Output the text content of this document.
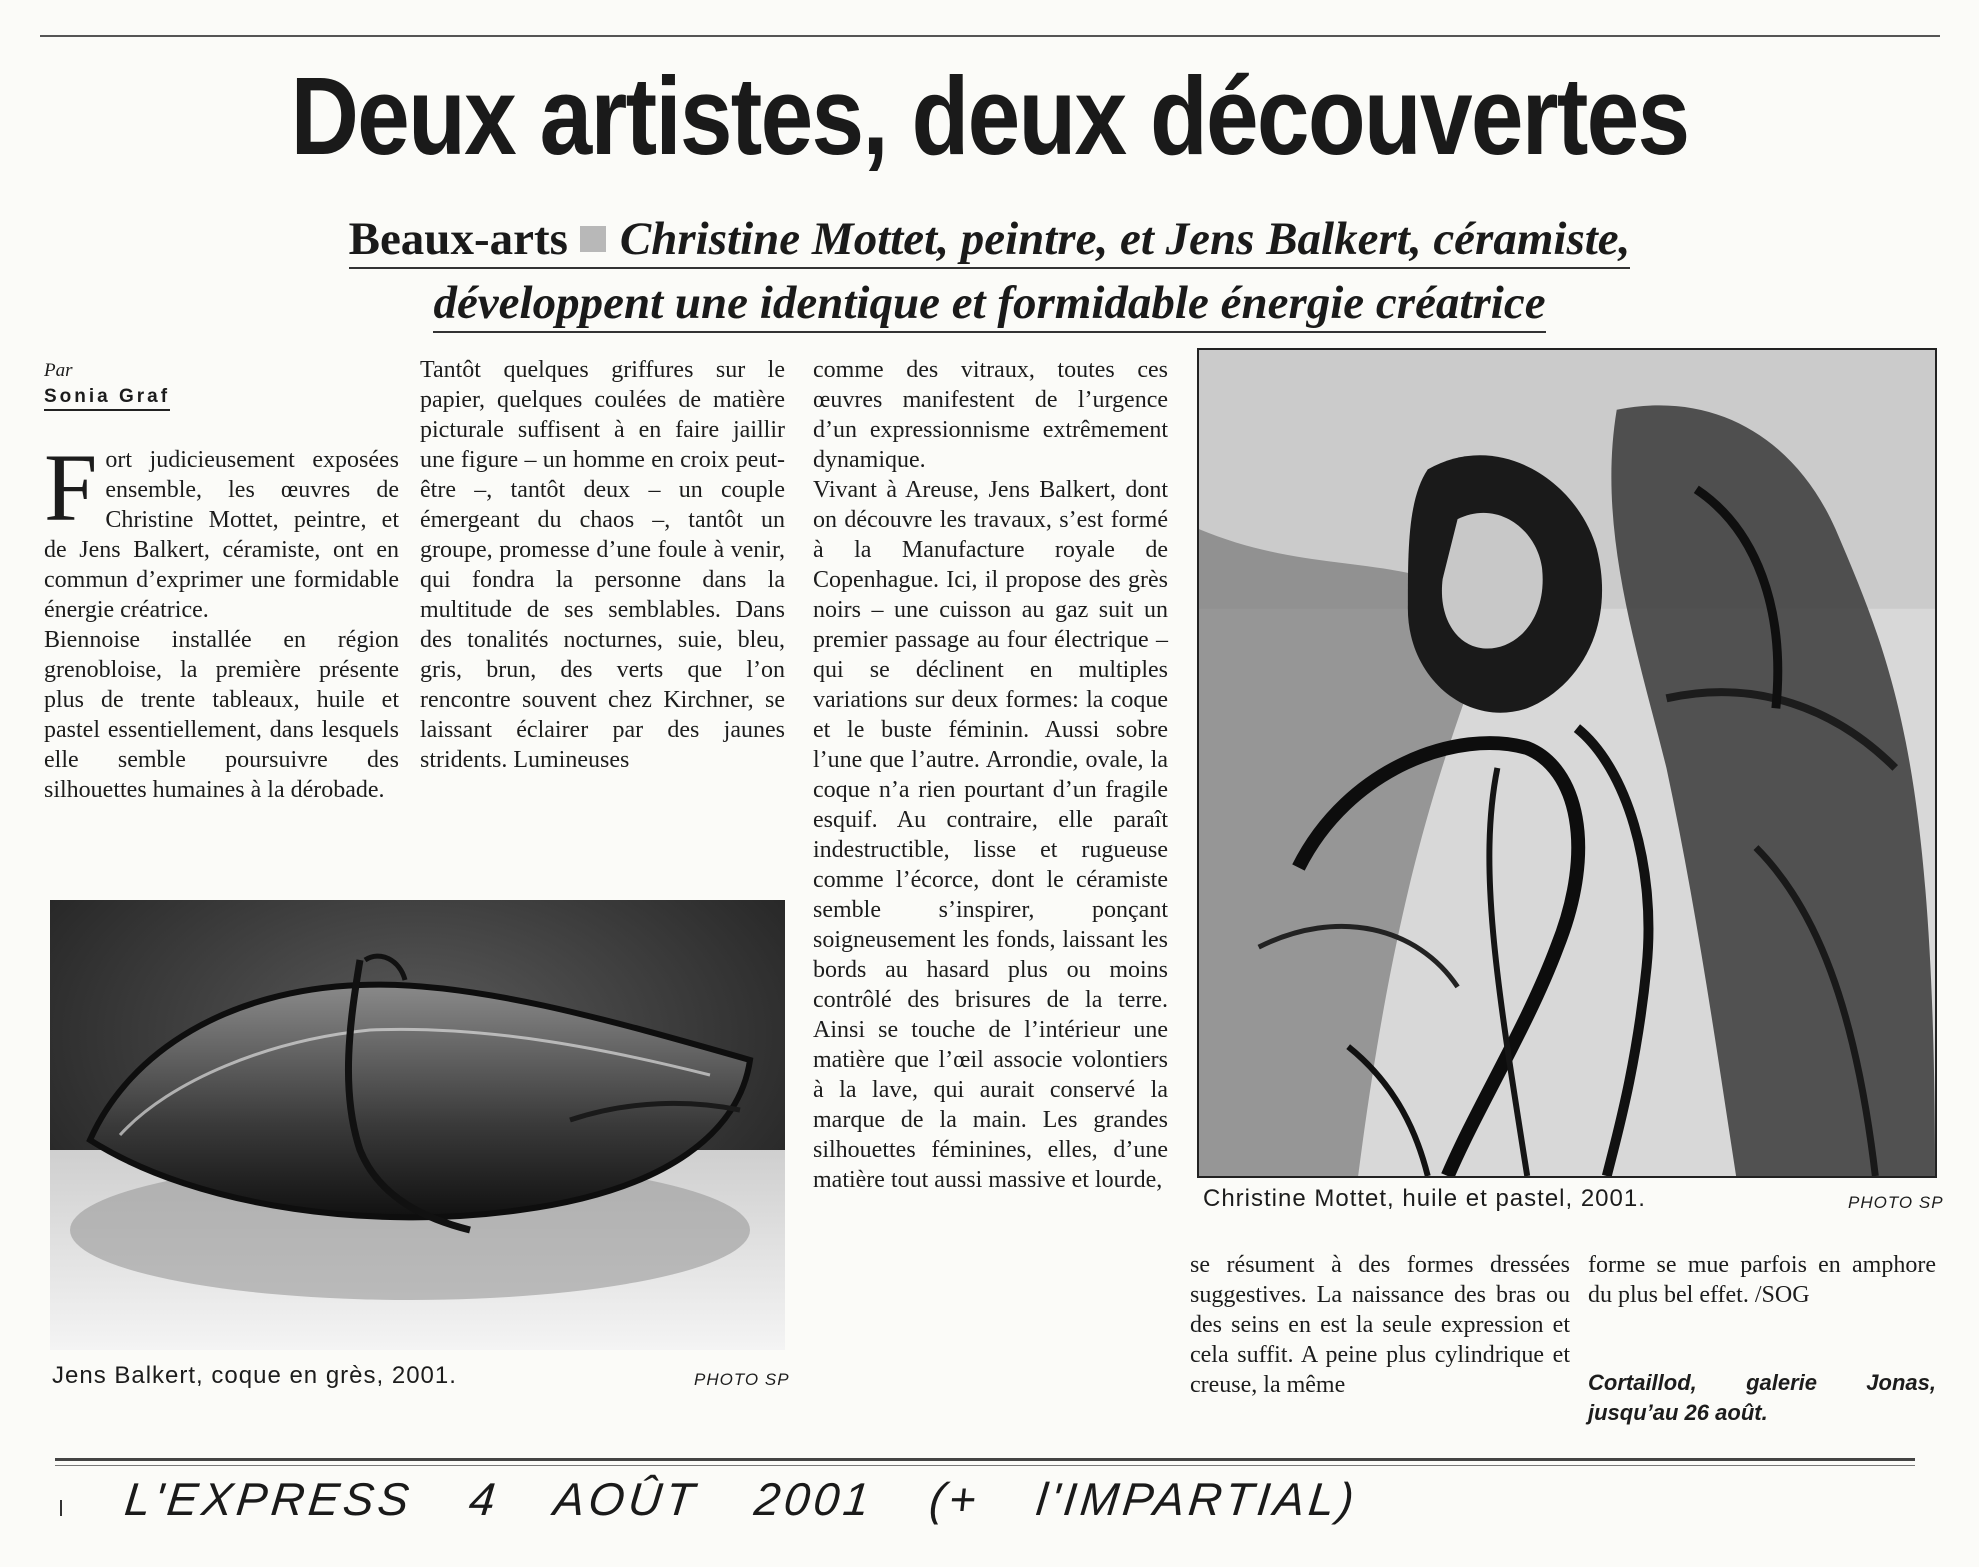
Deux artistes, deux découvertes
Beaux-arts Christine Mottet, peintre, et Jens Balkert, céramiste,
développent une identique et formidable énergie créatrice
Par
Sonia Graf

Fort judicieusement exposées ensemble, les œuvres de Christine Mottet, peintre, et de Jens Balkert, céramiste, ont en commun d’exprimer une formidable énergie créatrice.

Biennoise installée en région grenobloise, la première présente plus de trente tableaux, huile et pastel essentiellement, dans lesquels elle semble poursuivre des silhouettes humaines à la dérobade.

Tantôt quelques griffures sur le papier, quelques coulées de matière picturale suffisent à en faire jaillir une figure – un homme en croix peut-être –, tantôt deux – un couple émergeant du chaos –, tantôt un groupe, promesse d’une foule à venir, qui fondra la personne dans la multitude de ses semblables. Dans des tonalités nocturnes, suie, bleu, gris, brun, des verts que l’on rencontre souvent chez Kirchner, se laissant éclairer par des jaunes stridents. Lumineuses

comme des vitraux, toutes ces œuvres manifestent de l’urgence d’un expressionnisme extrêmement dynamique.

Vivant à Areuse, Jens Balkert, dont on découvre les travaux, s’est formé à la Manufacture royale de Copenhague. Ici, il propose des grès noirs – une cuisson au gaz suit un premier passage au four électrique – qui se déclinent en multiples variations sur deux formes: la coque et le buste féminin. Aussi sobre l’une que l’autre. Arrondie, ovale, la coque n’a rien pourtant d’un fragile esquif. Au contraire, elle paraît indestructible, lisse et rugueuse comme l’écorce, dont le céramiste semble s’inspirer, ponçant soigneusement les fonds, laissant les bords au hasard plus ou moins contrôlé des brisures de la terre. Ainsi se touche de l’intérieur une matière que l’œil associe volontiers à la lave, qui aurait conservé la marque de la main. Les grandes silhouettes féminines, elles, d’une matière tout aussi massive et lourde,

se résument à des formes dressées suggestives. La naissance des bras ou des seins en est la seule expression et cela suffit. A peine plus cylindrique et creuse, la même

forme se mue parfois en amphore du plus bel effet. /SOG

Cortaillod, galerie Jonas, jusqu’au 26 août.
Jens Balkert, coque en grès, 2001.	PHOTO SP
Christine Mottet, huile et pastel, 2001.	PHOTO SP
L'EXPRESS 4 AOÛT 2001 (+ l'IMPARTIAL)
